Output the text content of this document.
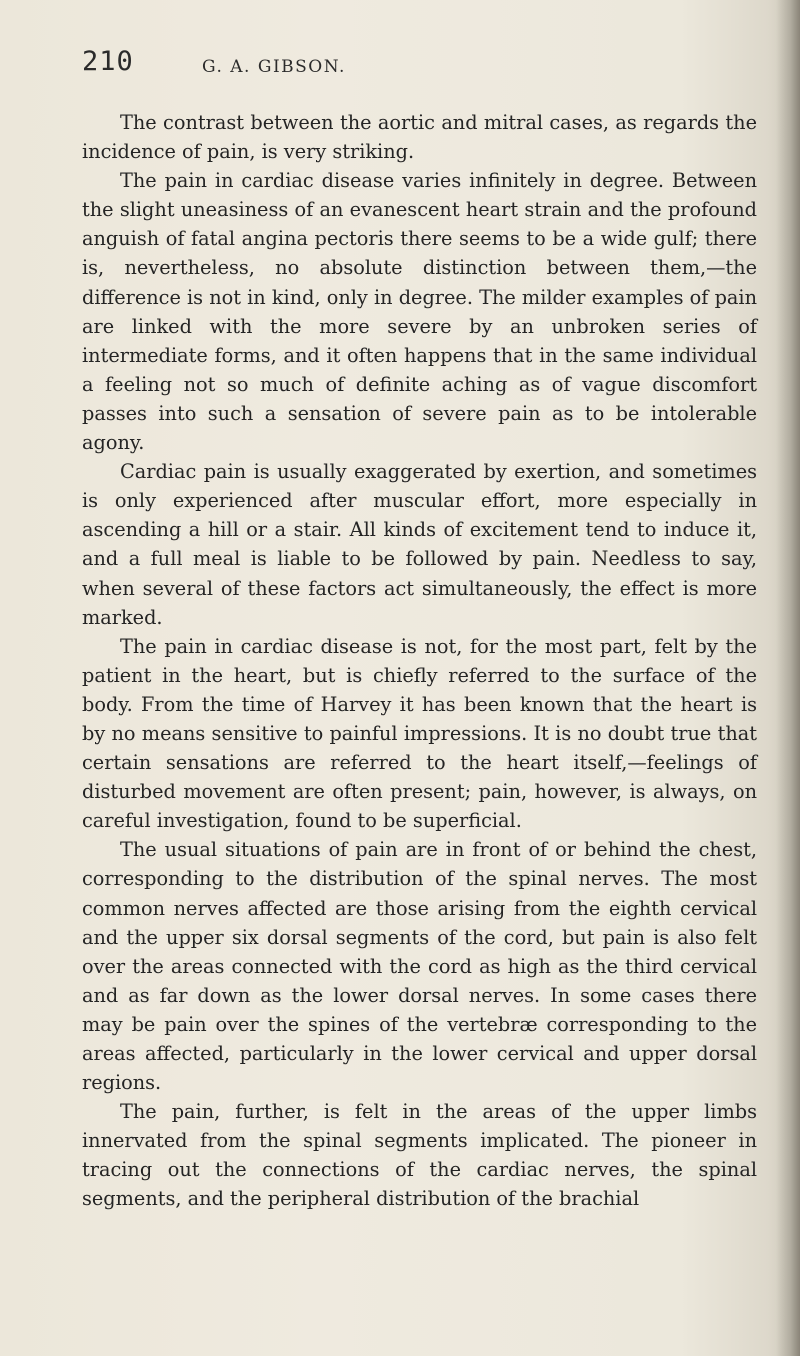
210	G. A. GIBSON.

The contrast between the aortic and mitral cases, as regards the incidence of pain, is very striking.

The pain in cardiac disease varies infinitely in degree. Between the slight uneasiness of an evanescent heart strain and the profound anguish of fatal angina pectoris there seems to be a wide gulf; there is, nevertheless, no absolute distinction between them,—the difference is not in kind, only in degree. The milder examples of pain are linked with the more severe by an unbroken series of intermediate forms, and it often happens that in the same individual a feeling not so much of definite aching as of vague discomfort passes into such a sensation of severe pain as to be intolerable agony.

Cardiac pain is usually exaggerated by exertion, and sometimes is only experienced after muscular effort, more especially in ascending a hill or a stair. All kinds of excitement tend to induce it, and a full meal is liable to be followed by pain. Needless to say, when several of these factors act simultaneously, the effect is more marked.

The pain in cardiac disease is not, for the most part, felt by the patient in the heart, but is chiefly referred to the surface of the body. From the time of Harvey it has been known that the heart is by no means sensitive to painful impressions. It is no doubt true that certain sensations are referred to the heart itself,—feelings of disturbed movement are often present; pain, however, is always, on careful investigation, found to be superficial.

The usual situations of pain are in front of or behind the chest, corresponding to the distribution of the spinal nerves. The most common nerves affected are those arising from the eighth cervical and the upper six dorsal segments of the cord, but pain is also felt over the areas connected with the cord as high as the third cervical and as far down as the lower dorsal nerves. In some cases there may be pain over the spines of the vertebræ corresponding to the areas affected, particularly in the lower cervical and upper dorsal regions.

The pain, further, is felt in the areas of the upper limbs innervated from the spinal segments implicated. The pioneer in tracing out the connections of the cardiac nerves, the spinal segments, and the peripheral distribution of the brachial
